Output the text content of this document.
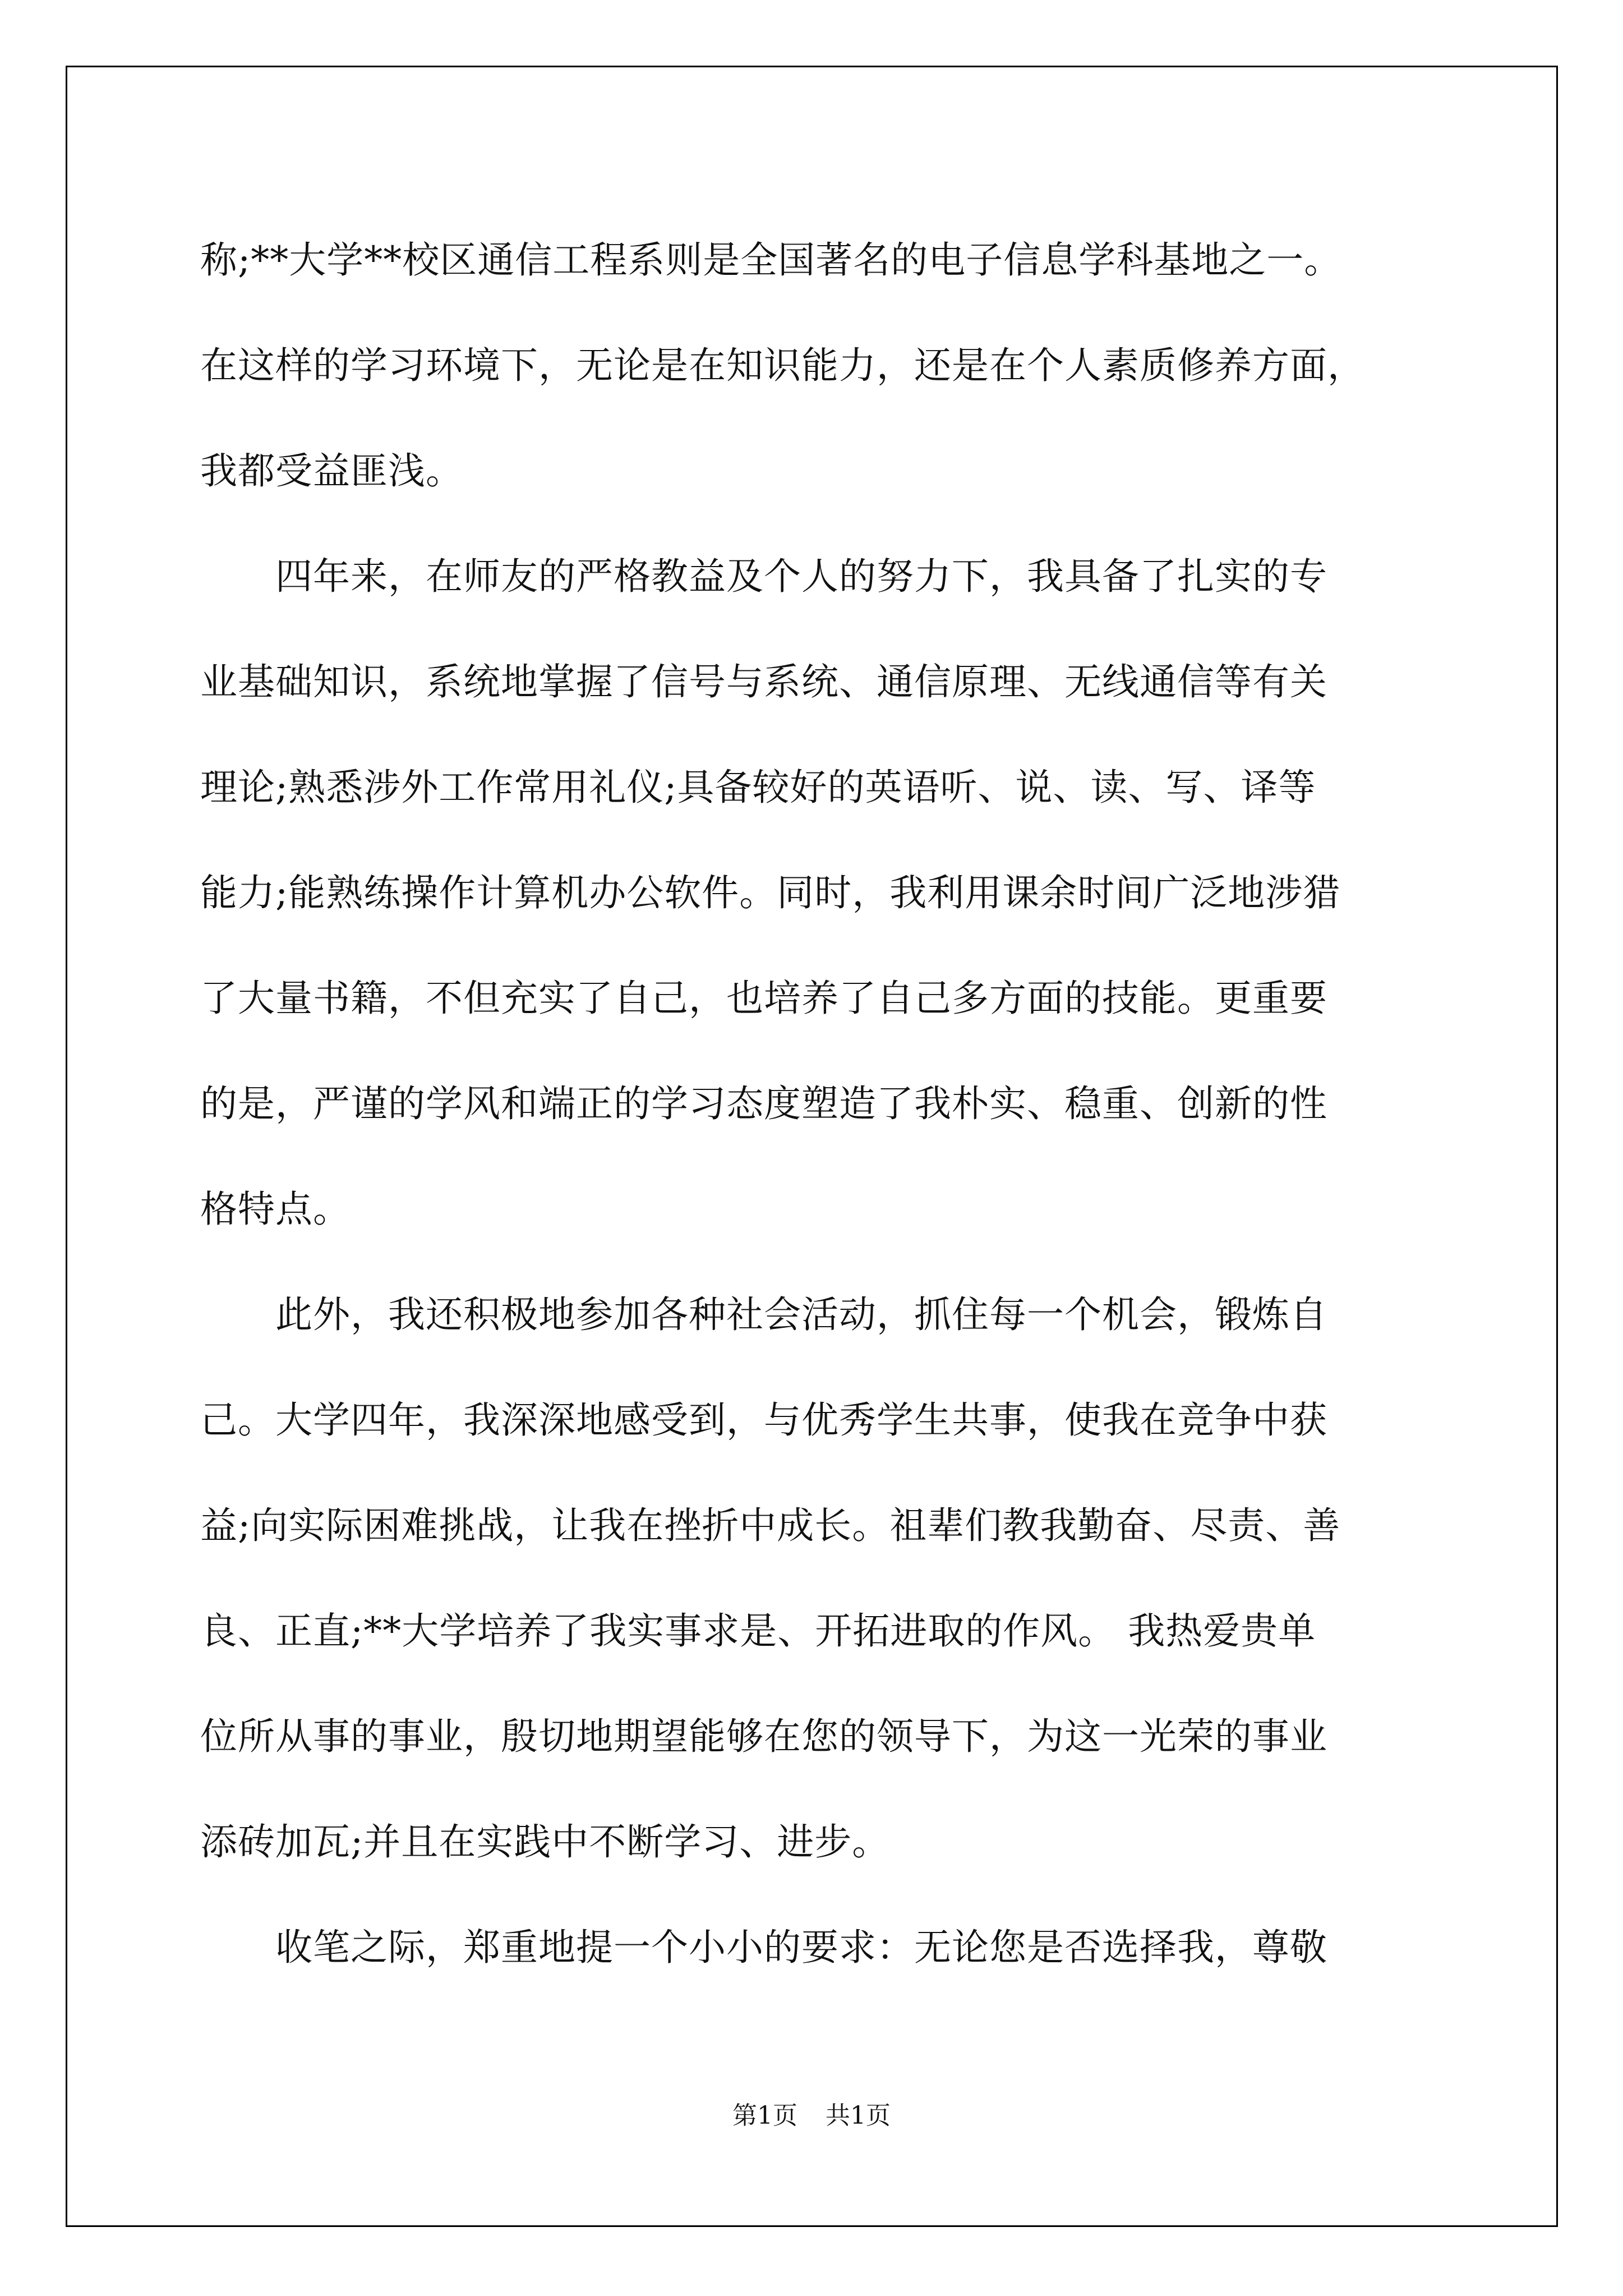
称;**大学**校区通信工程系则是全国著名的电子信息学科基地之一。
在这样的学习环境下，无论是在知识能力，还是在个人素质修养方面，
我都受益匪浅。
　　四年来，在师友的严格教益及个人的努力下，我具备了扎实的专
业基础知识，系统地掌握了信号与系统、通信原理、无线通信等有关
理论;熟悉涉外工作常用礼仪;具备较好的英语听、说、读、写、译等
能力;能熟练操作计算机办公软件。同时，我利用课余时间广泛地涉猎
了大量书籍，不但充实了自己，也培养了自己多方面的技能。更重要
的是，严谨的学风和端正的学习态度塑造了我朴实、稳重、创新的性
格特点。
　　此外，我还积极地参加各种社会活动，抓住每一个机会，锻炼自
己。大学四年，我深深地感受到，与优秀学生共事，使我在竞争中获
益;向实际困难挑战，让我在挫折中成长。祖辈们教我勤奋、尽责、善
良、正直;**大学培养了我实事求是、开拓进取的作风。 我热爱贵单
位所从事的事业，殷切地期望能够在您的领导下，为这一光荣的事业
添砖加瓦;并且在实践中不断学习、进步。
　　收笔之际，郑重地提一个小小的要求：无论您是否选择我，尊敬
第1页 共1页
